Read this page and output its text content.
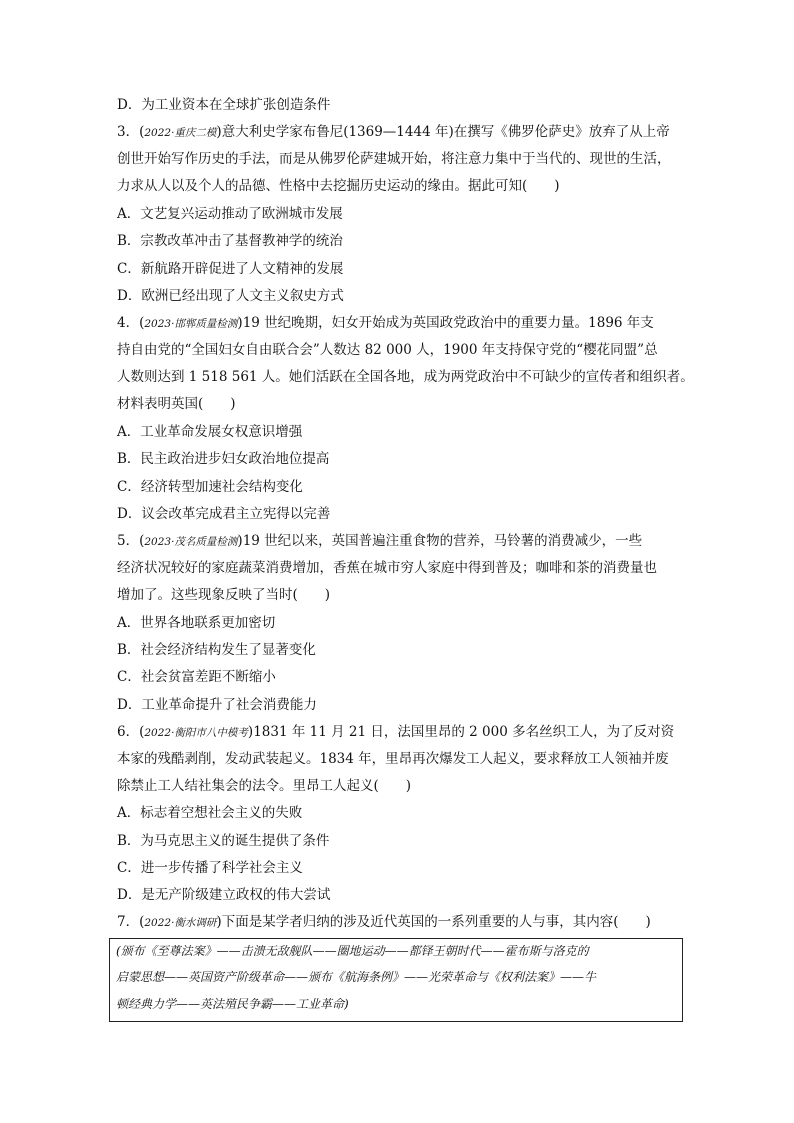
D．为工业资本在全球扩张创造条件
3．(2022·重庆二模)意大利史学家布鲁尼(1369—1444 年)在撰写《佛罗伦萨史》放弃了从上帝
创世开始写作历史的手法，而是从佛罗伦萨建城开始，将注意力集中于当代的、现世的生活，
力求从人以及个人的品德、性格中去挖掘历史运动的缘由。据此可知(　　)
A．文艺复兴运动推动了欧洲城市发展
B．宗教改革冲击了基督教神学的统治
C．新航路开辟促进了人文精神的发展
D．欧洲已经出现了人文主义叙史方式
4．(2023·邯郸质量检测)19 世纪晚期，妇女开始成为英国政党政治中的重要力量。1896 年支
持自由党的“全国妇女自由联合会”人数达 82 000 人，1900 年支持保守党的“樱花同盟”总
人数则达到 1 518 561 人。她们活跃在全国各地，成为两党政治中不可缺少的宣传者和组织者。
材料表明英国(　　)
A．工业革命发展女权意识增强
B．民主政治进步妇女政治地位提高
C．经济转型加速社会结构变化
D．议会改革完成君主立宪得以完善
5．(2023·茂名质量检测)19 世纪以来，英国普遍注重食物的营养，马铃薯的消费减少，一些
经济状况较好的家庭蔬菜消费增加，香蕉在城市穷人家庭中得到普及；咖啡和茶的消费量也
增加了。这些现象反映了当时(　　)
A．世界各地联系更加密切
B．社会经济结构发生了显著变化
C．社会贫富差距不断缩小
D．工业革命提升了社会消费能力
6．(2022·衡阳市八中模考)1831 年 11 月 21 日，法国里昂的 2 000 多名丝织工人，为了反对资
本家的残酷剥削，发动武装起义。1834 年，里昂再次爆发工人起义，要求释放工人领袖并废
除禁止工人结社集会的法令。里昂工人起义(　　)
A．标志着空想社会主义的失败
B．为马克思主义的诞生提供了条件
C．进一步传播了科学社会主义
D．是无产阶级建立政权的伟大尝试
7．(2022·衡水调研)下面是某学者归纳的涉及近代英国的一系列重要的人与事，其内容(　　)
(颁布《至尊法案》——击溃无敌舰队——圈地运动——都铎王朝时代——霍布斯与洛克的
启蒙思想——英国资产阶级革命——颁布《航海条例》——光荣革命与《权利法案》——牛
顿经典力学——英法殖民争霸——工业革命)
